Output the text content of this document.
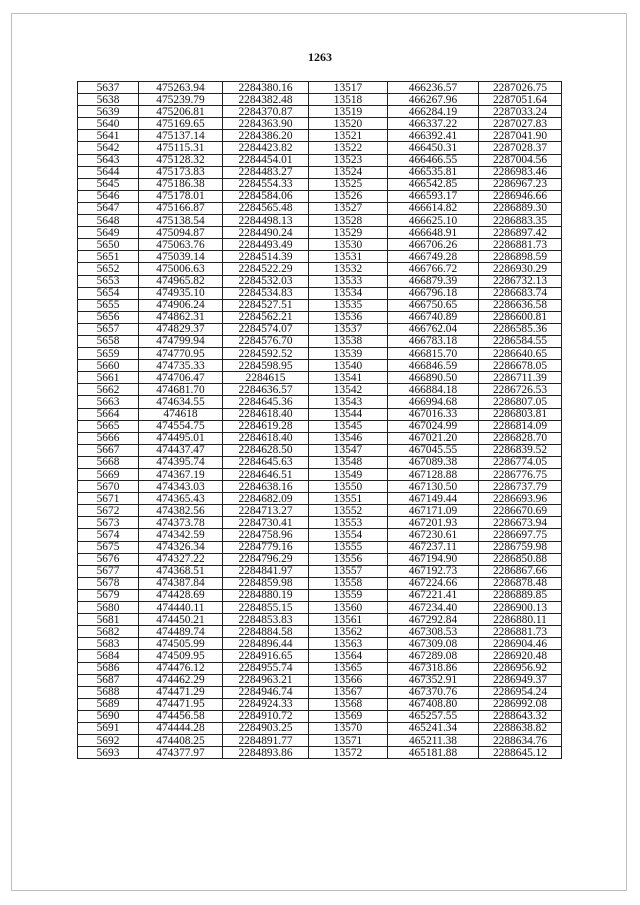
1263
5637	475263.94	2284380.16	13517	466236.57	2287026.75
5638	475239.79	2284382.48	13518	466267.96	2287051.64
5639	475206.81	2284370.87	13519	466284.19	2287033.24
5640	475169.65	2284363.90	13520	466337.22	2287027.83
5641	475137.14	2284386.20	13521	466392.41	2287041.90
5642	475115.31	2284423.82	13522	466450.31	2287028.37
5643	475128.32	2284454.01	13523	466466.55	2287004.56
5644	475173.83	2284483.27	13524	466535.81	2286983.46
5645	475186.38	2284554.33	13525	466542.85	2286967.23
5646	475178.01	2284584.06	13526	466593.17	2286946.66
5647	475166.87	2284565.48	13527	466614.82	2286889.30
5648	475138.54	2284498.13	13528	466625.10	2286883.35
5649	475094.87	2284490.24	13529	466648.91	2286897.42
5650	475063.76	2284493.49	13530	466706.26	2286881.73
5651	475039.14	2284514.39	13531	466749.28	2286898.59
5652	475006.63	2284522.29	13532	466766.72	2286930.29
5653	474965.82	2284532.03	13533	466879.39	2286732.13
5654	474935.10	2284534.83	13534	466796.18	2286683.74
5655	474906.24	2284527.51	13535	466750.65	2286636.58
5656	474862.31	2284562.21	13536	466740.89	2286600.81
5657	474829.37	2284574.07	13537	466762.04	2286585.36
5658	474799.94	2284576.70	13538	466783.18	2286584.55
5659	474770.95	2284592.52	13539	466815.70	2286640.65
5660	474735.33	2284598.95	13540	466846.59	2286678.05
5661	474706.47	2284615	13541	466890.50	2286711.39
5662	474681.70	2284636.57	13542	466884.18	2286726.53
5663	474634.55	2284645.36	13543	466994.68	2286807.05
5664	474618	2284618.40	13544	467016.33	2286803.81
5665	474554.75	2284619.28	13545	467024.99	2286814.09
5666	474495.01	2284618.40	13546	467021.20	2286828.70
5667	474437.47	2284628.50	13547	467045.55	2286839.52
5668	474395.74	2284645.63	13548	467089.38	2286774.05
5669	474367.19	2284646.51	13549	467128.88	2286776.75
5670	474343.03	2284638.16	13550	467130.50	2286737.79
5671	474365.43	2284682.09	13551	467149.44	2286693.96
5672	474382.56	2284713.27	13552	467171.09	2286670.69
5673	474373.78	2284730.41	13553	467201.93	2286673.94
5674	474342.59	2284758.96	13554	467230.61	2286697.75
5675	474326.34	2284779.16	13555	467237.11	2286759.98
5676	474327.22	2284796.29	13556	467194.90	2286850.88
5677	474368.51	2284841.97	13557	467192.73	2286867.66
5678	474387.84	2284859.98	13558	467224.66	2286878.48
5679	474428.69	2284880.19	13559	467221.41	2286889.85
5680	474440.11	2284855.15	13560	467234.40	2286900.13
5681	474450.21	2284853.83	13561	467292.84	2286880.11
5682	474489.74	2284884.58	13562	467308.53	2286881.73
5683	474505.99	2284896.44	13563	467309.08	2286904.46
5684	474509.95	2284916.65	13564	467289.08	2286920.48
5686	474476.12	2284955.74	13565	467318.86	2286956.92
5687	474462.29	2284963.21	13566	467352.91	2286949.37
5688	474471.29	2284946.74	13567	467370.76	2286954.24
5689	474471.95	2284924.33	13568	467408.80	2286992.08
5690	474456.58	2284910.72	13569	465257.55	2288643.32
5691	474444.28	2284903.25	13570	465241.34	2288638.82
5692	474408.25	2284891.77	13571	465211.38	2288634.76
5693	474377.97	2284893.86	13572	465181.88	2288645.12
